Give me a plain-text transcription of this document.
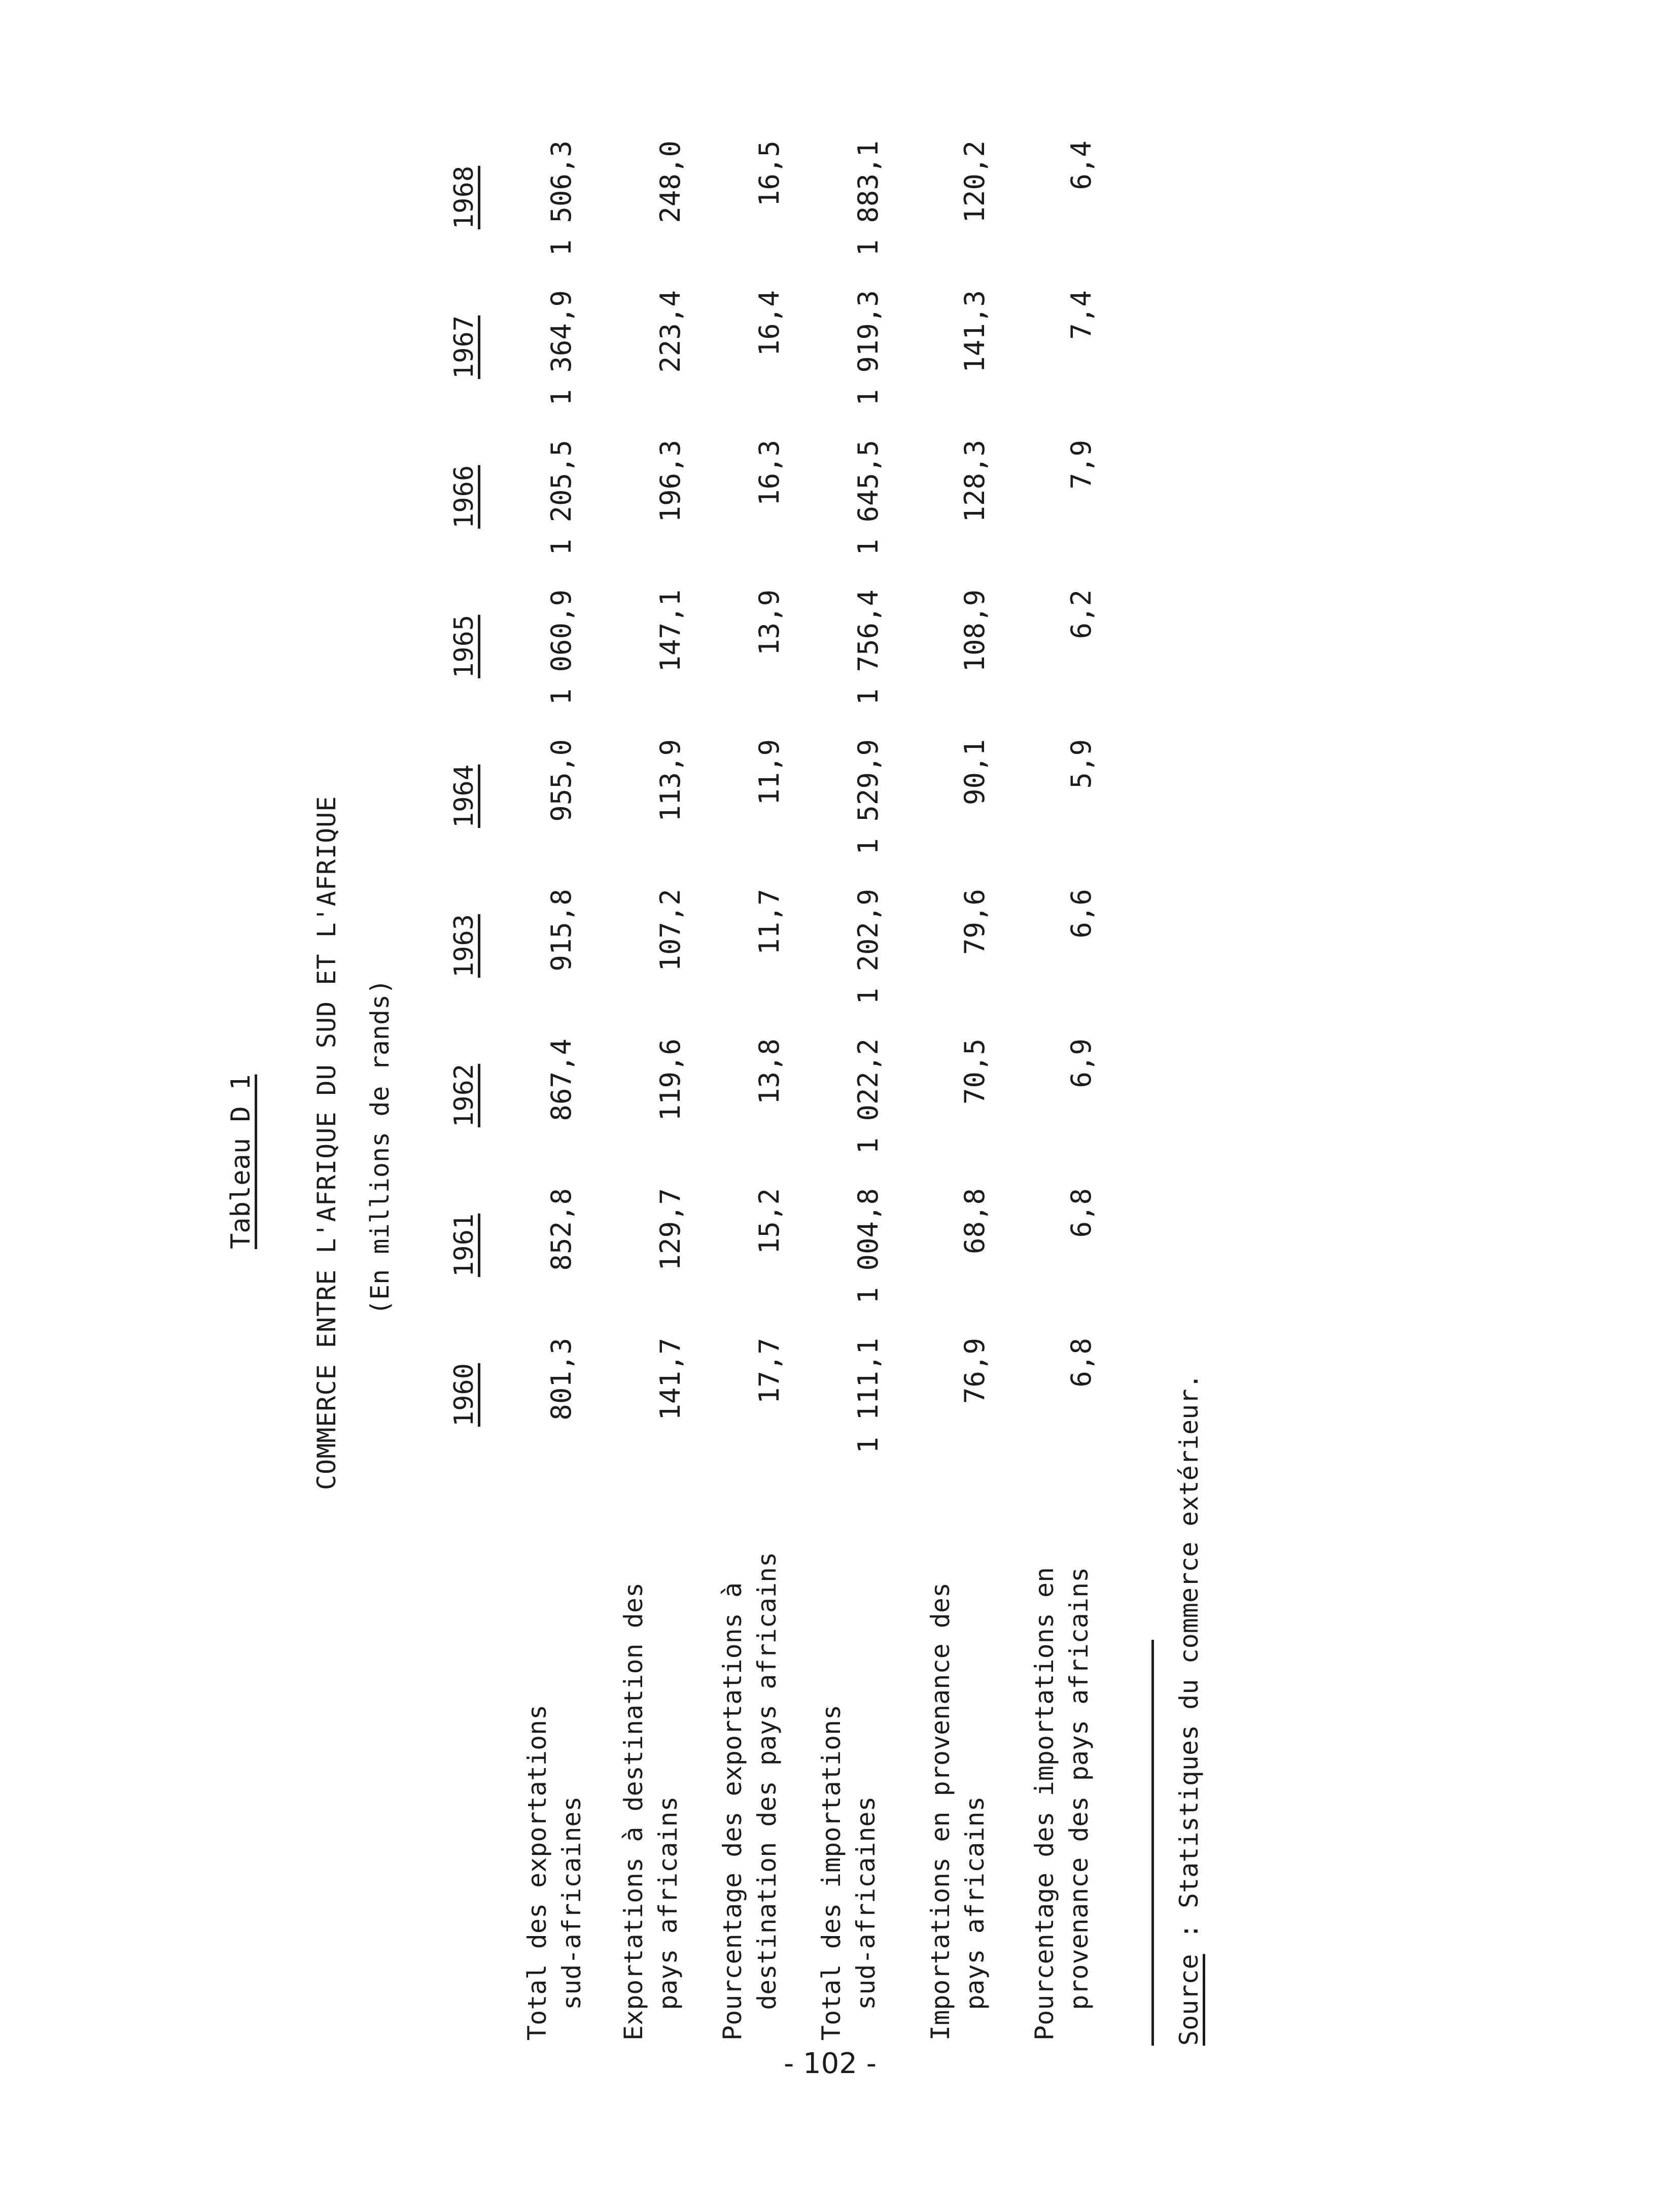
- 102 -
Tableau D 1 COMMERCE ENTRE L'AFRIQUE DU SUD ET L'AFRIQUE (En millions de rands)
1960
1961
1962
1963
1964
1965
1966
1967
1968
Total des exportations
sud-africaines
801,3
852,8
867,4
915,8
955,0
1 060,9
1 205,5
1 364,9
1 506,3
Exportations à destination des
pays africains
141,7
129,7
119,6
107,2
113,9
147,1
196,3
223,4
248,0
Pourcentage des exportations à
destination des pays africains
17,7
15,2
13,8
11,7
11,9
13,9
16,3
16,4
16,5
Total des importations
sud-africaines
1 111,1
1 004,8
1 022,2
1 202,9
1 529,9
1 756,4
1 645,5
1 919,3
1 883,1
Importations en provenance des
pays africains
76,9
68,8
70,5
79,6
90,1
108,9
128,3
141,3
120,2
Pourcentage des importations en
provenance des pays africains
6,8
6,8
6,9
6,6
5,9
6,2
7,9
7,4
6,4
Source : Statistiques du commerce extérieur.
